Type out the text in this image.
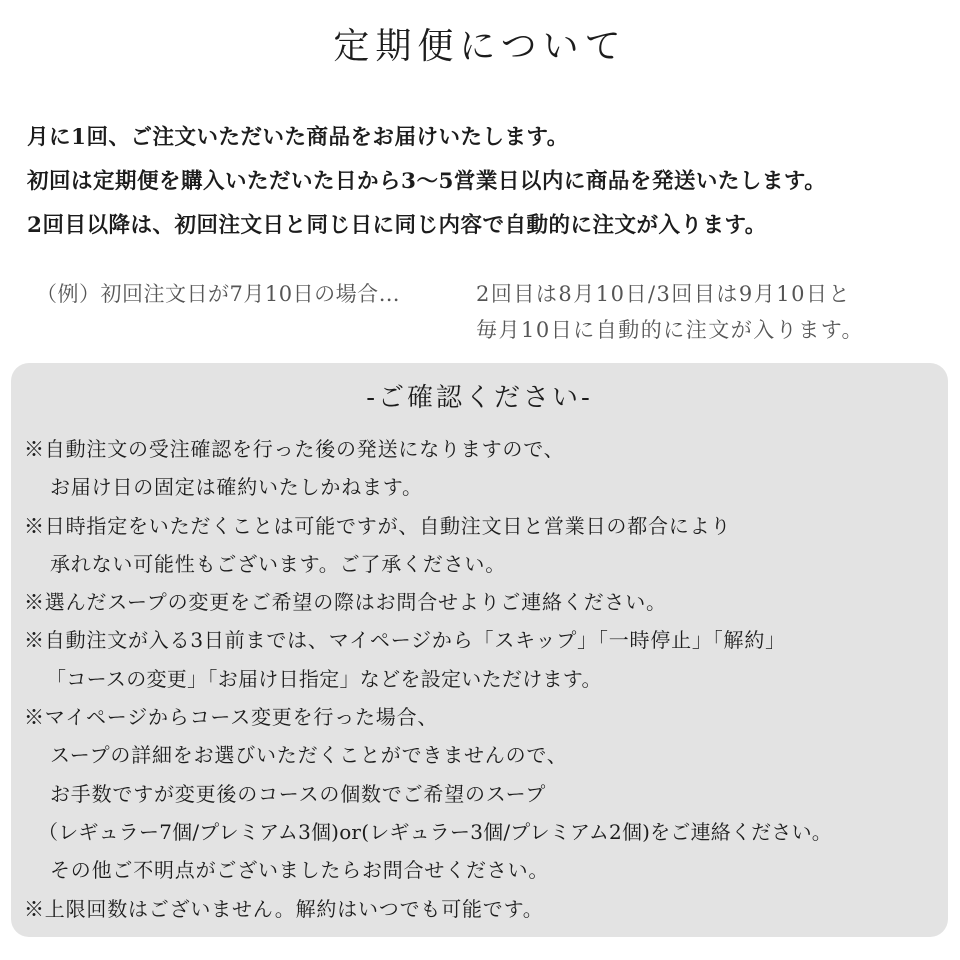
定期便について
月に1回、ご注文いただいた商品をお届けいたします。
初回は定期便を購入いただいた日から3〜5営業日以内に商品を発送いたします。
2回目以降は、初回注文日と同じ日に同じ内容で自動的に注文が入ります。
（例）初回注文日が7月10日の場合…	2回目は8月10日/3回目は9月10日と
毎月10日に自動的に注文が入ります。
-ご確認ください-
※自動注文の受注確認を行った後の発送になりますので、
お届け日の固定は確約いたしかねます。
※日時指定をいただくことは可能ですが、自動注文日と営業日の都合により
承れない可能性もございます。ご了承ください。
※選んだスープの変更をご希望の際はお問合せよりご連絡ください。
※自動注文が入る3日前までは、マイページから「スキップ」「一時停止」「解約」
「コースの変更」「お届け日指定」などを設定いただけます。
※マイページからコース変更を行った場合、
スープの詳細をお選びいただくことができませんので、
お手数ですが変更後のコースの個数でご希望のスープ
（レギュラー7個/プレミアム3個)or(レギュラー3個/プレミアム2個)をご連絡ください。
その他ご不明点がございましたらお問合せください。
※上限回数はございません。解約はいつでも可能です。
